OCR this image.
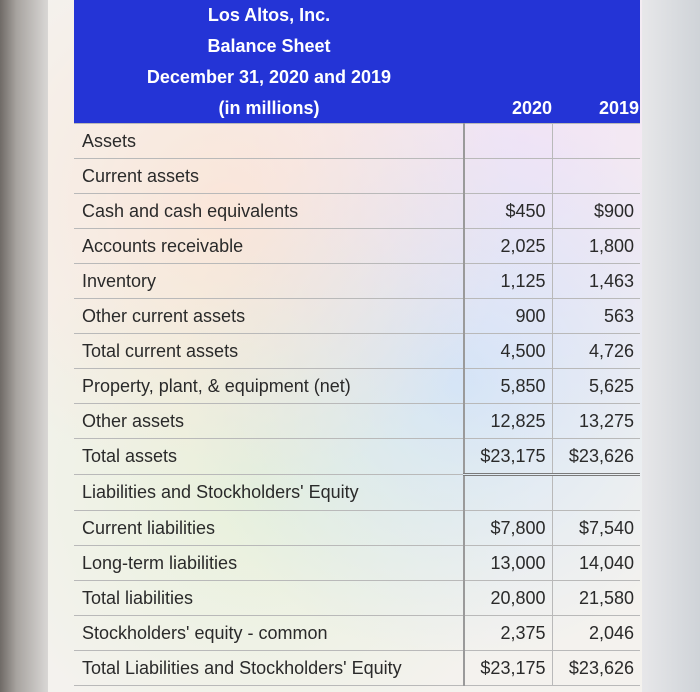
Los Altos, Inc.
Balance Sheet
December 31, 2020 and 2019
(in millions)	2020	2019
Assets		
Current assets		
Cash and cash equivalents	$450	$900
Accounts receivable	2,025	1,800
Inventory	1,125	1,463
Other current assets	900	563
Total current assets	4,500	4,726
Property, plant, & equipment (net)	5,850	5,625
Other assets	12,825	13,275
Total assets	$23,175	$23,626
Liabilities and Stockholders' Equity		
Current liabilities	$7,800	$7,540
Long-term liabilities	13,000	14,040
Total liabilities	20,800	21,580
Stockholders' equity - common	2,375	2,046
Total Liabilities and Stockholders' Equity	$23,175	$23,626
